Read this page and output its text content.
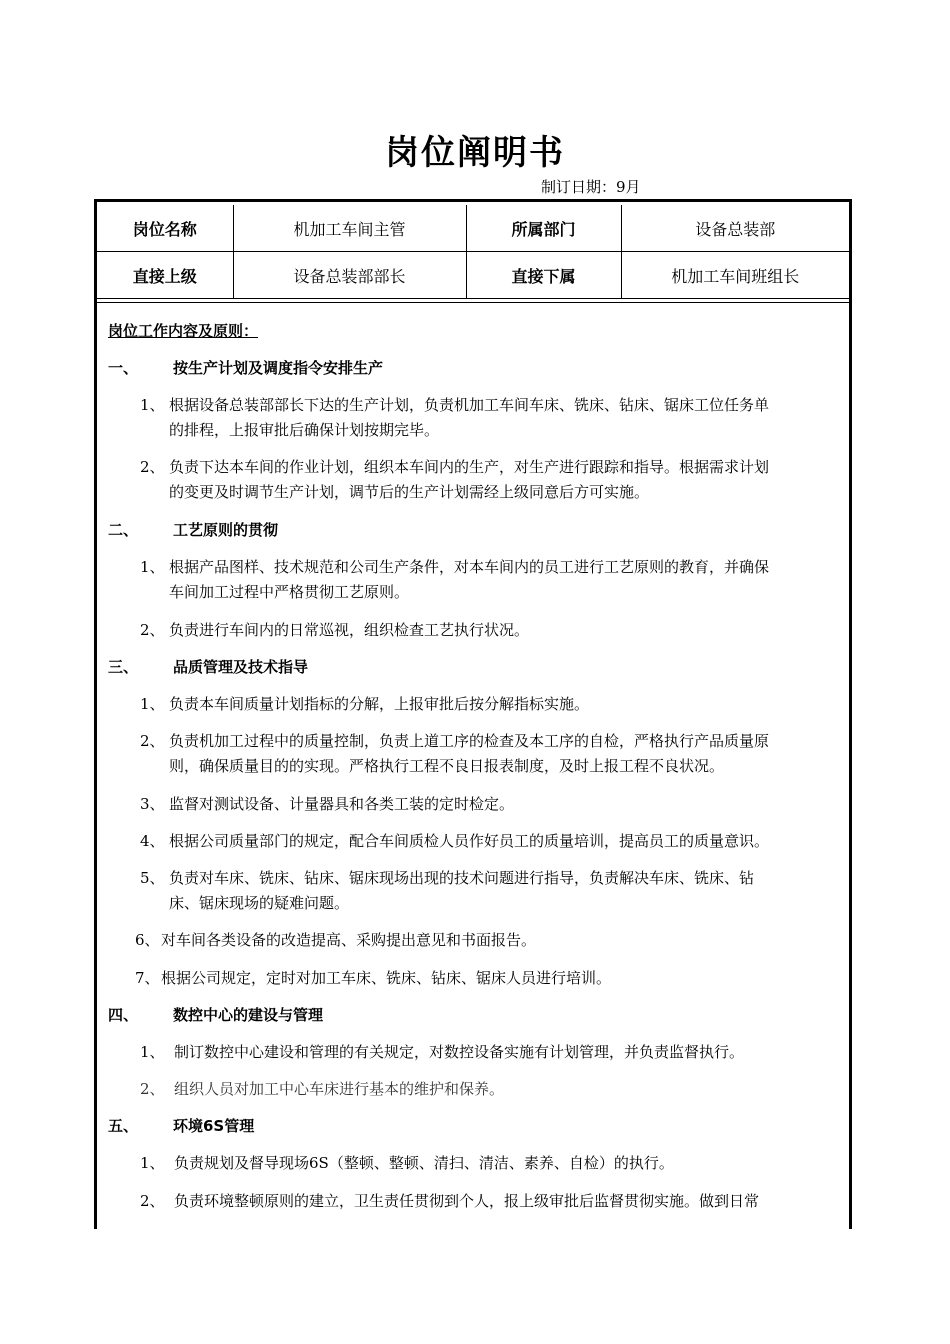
岗位阐明书
制订日期：9月
岗位名称	机加工车间主管	所属部门	设备总装部
直接上级	设备总装部部长	直接下属	机加工车间班组长
岗位工作内容及原则：
一、 按生产计划及调度指令安排生产
1、 根据设备总装部部长下达的生产计划，负责机加工车间车床、铣床、钻床、锯床工位任务单
的排程，上报审批后确保计划按期完毕。
2、 负责下达本车间的作业计划，组织本车间内的生产，对生产进行跟踪和指导。根据需求计划
的变更及时调节生产计划，调节后的生产计划需经上级同意后方可实施。
二、 工艺原则的贯彻
1、 根据产品图样、技术规范和公司生产条件，对本车间内的员工进行工艺原则的教育，并确保
车间加工过程中严格贯彻工艺原则。
2、 负责进行车间内的日常巡视，组织检查工艺执行状况。
三、 品质管理及技术指导
1、 负责本车间质量计划指标的分解，上报审批后按分解指标实施。
2、 负责机加工过程中的质量控制，负责上道工序的检查及本工序的自检，严格执行产品质量原
则，确保质量目的的实现。严格执行工程不良日报表制度，及时上报工程不良状况。
3、 监督对测试设备、计量器具和各类工装的定时检定。
4、 根据公司质量部门的规定，配合车间质检人员作好员工的质量培训，提高员工的质量意识。
5、 负责对车床、铣床、钻床、锯床现场出现的技术问题进行指导，负责解决车床、铣床、钻
床、锯床现场的疑难问题。
6、 对车间各类设备的改造提高、采购提出意见和书面报告。
7、 根据公司规定，定时对加工车床、铣床、钻床、锯床人员进行培训。
四、 数控中心的建设与管理
1、 制订数控中心建设和管理的有关规定，对数控设备实施有计划管理，并负责监督执行。
2、 组织人员对加工中心车床进行基本的维护和保养。
五、 环境6S管理
1、 负责规划及督导现场6S（整顿、整顿、清扫、清洁、素养、自检）的执行。
2、 负责环境整顿原则的建立，卫生责任贯彻到个人，报上级审批后监督贯彻实施。做到日常
